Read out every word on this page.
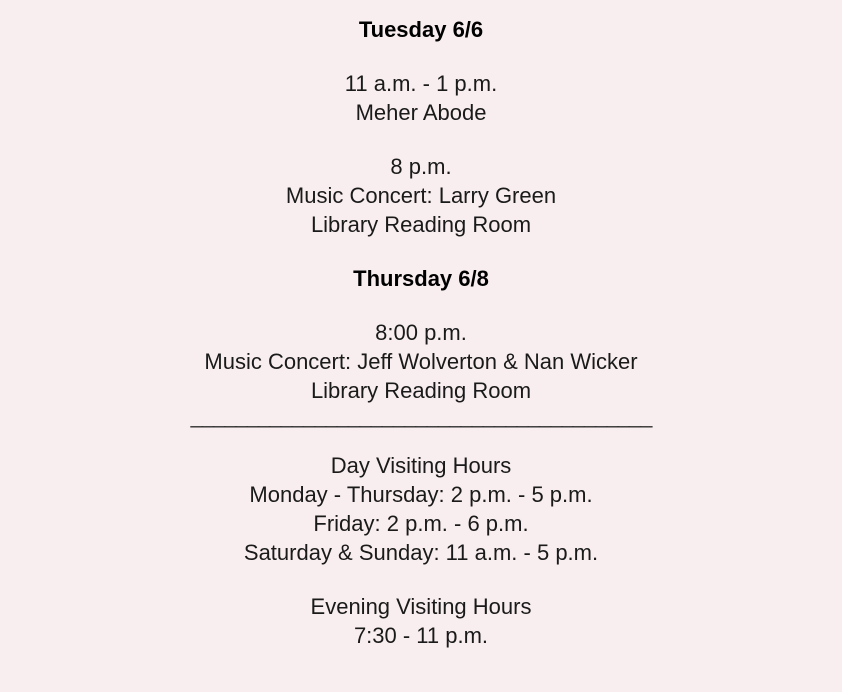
Tuesday 6/6

11 a.m. - 1 p.m.

Meher Abode

8 p.m.

Music Concert: Larry Green

Library Reading Room

Thursday 6/8

8:00 p.m.

Music Concert: Jeff Wolverton & Nan Wicker

Library Reading Room

_________________________________________

Day Visiting Hours

Monday - Thursday: 2 p.m. - 5 p.m.

Friday: 2 p.m. - 6 p.m.

Saturday & Sunday: 11 a.m. - 5 p.m.

Evening Visiting Hours

7:30 - 11 p.m.
